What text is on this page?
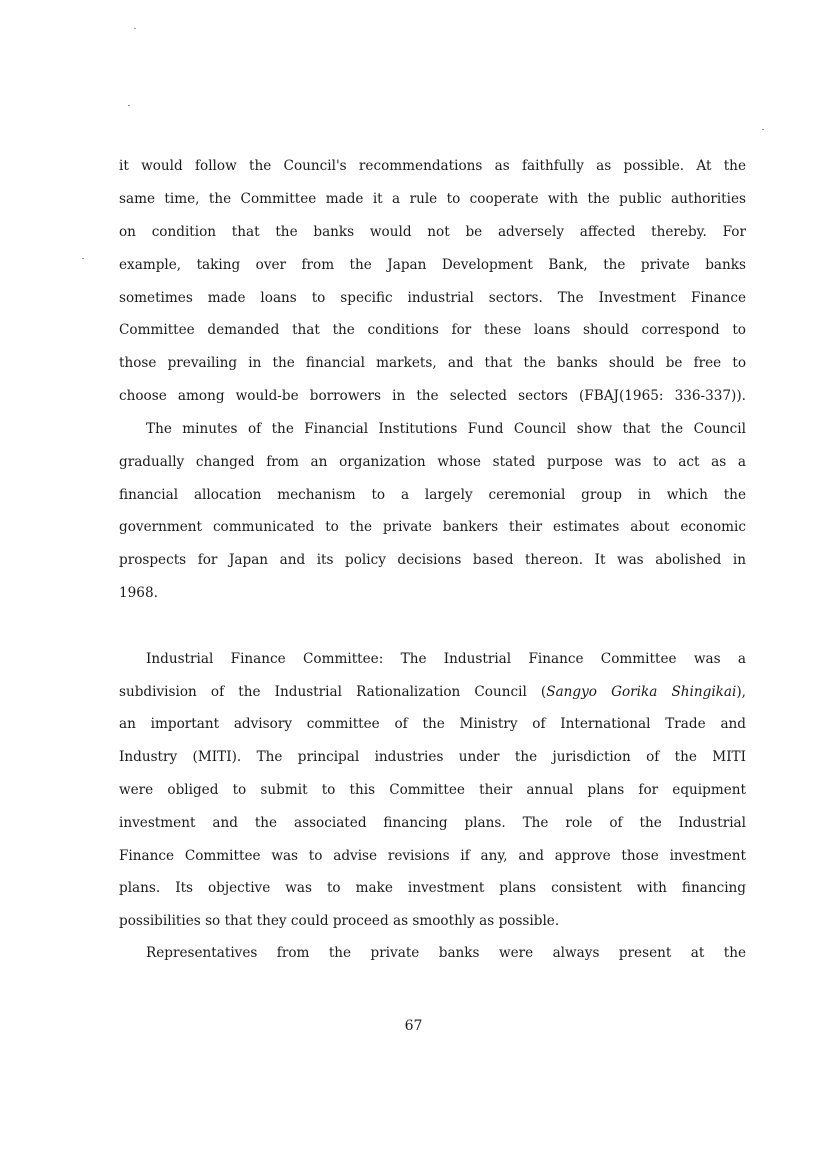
it would follow the Council's recommendations as faithfully as possible. At the
same time, the Committee made it a rule to cooperate with the public authorities
on condition that the banks would not be adversely affected thereby. For
example, taking over from the Japan Development Bank, the private banks
sometimes made loans to specific industrial sectors. The Investment Finance
Committee demanded that the conditions for these loans should correspond to
those prevailing in the financial markets, and that the banks should be free to
choose among would-be borrowers in the selected sectors (FBAJ(1965: 336-337)).
The minutes of the Financial Institutions Fund Council show that the Council
gradually changed from an organization whose stated purpose was to act as a
financial allocation mechanism to a largely ceremonial group in which the
government communicated to the private bankers their estimates about economic
prospects for Japan and its policy decisions based thereon. It was abolished in
1968.
Industrial Finance Committee: The Industrial Finance Committee was a
subdivision of the Industrial Rationalization Council (Sangyo Gorika Shingikai),
an important advisory committee of the Ministry of International Trade and
Industry (MITI). The principal industries under the jurisdiction of the MITI
were obliged to submit to this Committee their annual plans for equipment
investment and the associated financing plans. The role of the Industrial
Finance Committee was to advise revisions if any, and approve those investment
plans. Its objective was to make investment plans consistent with financing
possibilities so that they could proceed as smoothly as possible.
Representatives from the private banks were always present at the
67
